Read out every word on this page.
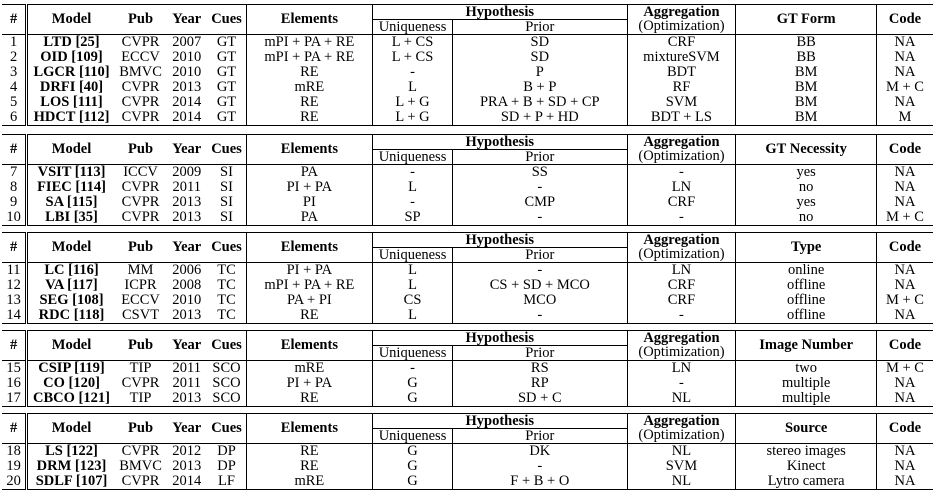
#	Model	Pub	Year	Cues	Elements	Hypothesis		Aggregation	GT Form	Code
						Uniqueness	Prior	(Optimization)		
1	LTD [25]	CVPR	2007	GT	mPI + PA + RE	L + CS	SD	CRF	BB	NA
2	OID [109]	ECCV	2010	GT	mPI + PA + RE	L + CS	SD	mixtureSVM	BB	NA
3	LGCR [110]	BMVC	2010	GT	RE	-	P	BDT	BM	NA
4	DRFI [40]	CVPR	2013	GT	mRE	L	B + P	RF	BM	M + C
5	LOS [111]	CVPR	2014	GT	RE	L + G	PRA + B + SD + CP	SVM	BM	NA
6	HDCT [112]	CVPR	2014	GT	RE	L + G	SD + P + HD	BDT + LS	BM	M
#	Model	Pub	Year	Cues	Elements	Hypothesis		Aggregation	GT Necessity	Code
						Uniqueness	Prior	(Optimization)		
7	VSIT [113]	ICCV	2009	SI	PA	-	SS	-	yes	NA
8	FIEC [114]	CVPR	2011	SI	PI + PA	L	-	LN	no	NA
9	SA [115]	CVPR	2013	SI	PI	-	CMP	CRF	yes	NA
10	LBI [35]	CVPR	2013	SI	PA	SP	-	-	no	M + C
#	Model	Pub	Year	Cues	Elements	Hypothesis		Aggregation	Type	Code
						Uniqueness	Prior	(Optimization)		
11	LC [116]	MM	2006	TC	PI + PA	L	-	LN	online	NA
12	VA [117]	ICPR	2008	TC	mPI + PA + RE	L	CS + SD + MCO	CRF	offline	NA
13	SEG [108]	ECCV	2010	TC	PA + PI	CS	MCO	CRF	offline	M + C
14	RDC [118]	CSVT	2013	TC	RE	L	-	-	offline	NA
#	Model	Pub	Year	Cues	Elements	Hypothesis		Aggregation	Image Number	Code
						Uniqueness	Prior	(Optimization)		
15	CSIP [119]	TIP	2011	SCO	mRE	-	RS	LN	two	M + C
16	CO [120]	CVPR	2011	SCO	PI + PA	G	RP	-	multiple	NA
17	CBCO [121]	TIP	2013	SCO	RE	G	SD + C	NL	multiple	NA
#	Model	Pub	Year	Cues	Elements	Hypothesis		Aggregation	Source	Code
						Uniqueness	Prior	(Optimization)		
18	LS [122]	CVPR	2012	DP	RE	G	DK	NL	stereo images	NA
19	DRM [123]	BMVC	2013	DP	RE	G	-	SVM	Kinect	NA
20	SDLF [107]	CVPR	2014	LF	mRE	G	F + B + O	NL	Lytro camera	NA
